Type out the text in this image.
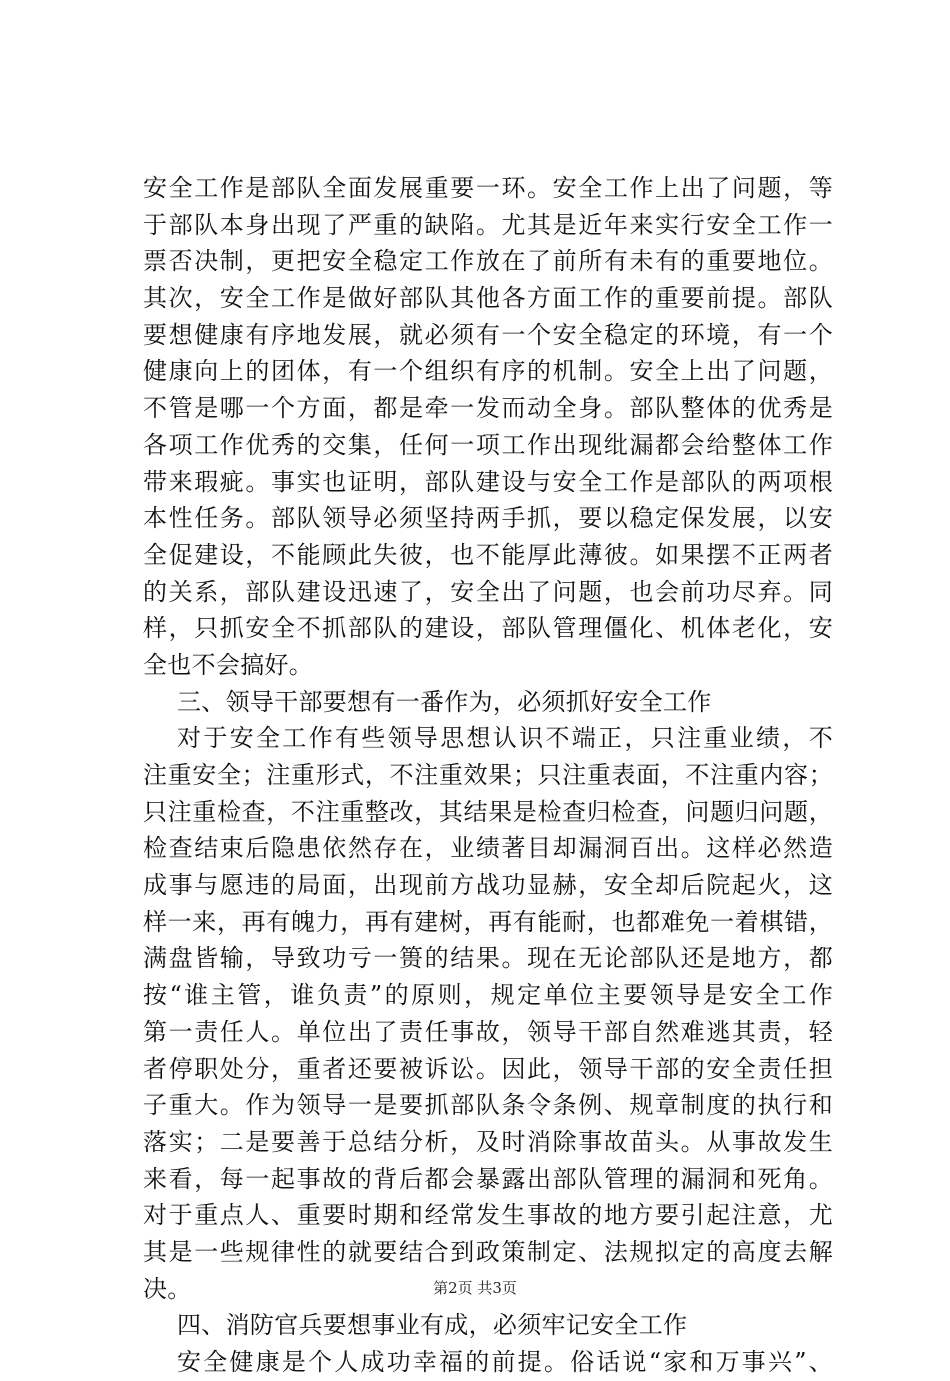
安全工作是部队全面发展重要一环。安全工作上出了问题，等
于部队本身出现了严重的缺陷。尤其是近年来实行安全工作一
票否决制，更把安全稳定工作放在了前所有未有的重要地位。
其次，安全工作是做好部队其他各方面工作的重要前提。部队
要想健康有序地发展，就必须有一个安全稳定的环境，有一个
健康向上的团体，有一个组织有序的机制。安全上出了问题，
不管是哪一个方面，都是牵一发而动全身。部队整体的优秀是
各项工作优秀的交集，任何一项工作出现纰漏都会给整体工作
带来瑕疵。事实也证明，部队建设与安全工作是部队的两项根
本性任务。部队领导必须坚持两手抓，要以稳定保发展，以安
全促建设，不能顾此失彼，也不能厚此薄彼。如果摆不正两者
的关系，部队建设迅速了，安全出了问题，也会前功尽弃。同
样，只抓安全不抓部队的建设，部队管理僵化、机体老化，安
全也不会搞好。
三、领导干部要想有一番作为，必须抓好安全工作
对于安全工作有些领导思想认识不端正，只注重业绩，不
注重安全；注重形式，不注重效果；只注重表面，不注重内容；
只注重检查，不注重整改，其结果是检查归检查，问题归问题，
检查结束后隐患依然存在，业绩著目却漏洞百出。这样必然造
成事与愿违的局面，出现前方战功显赫，安全却后院起火，这
样一来，再有魄力，再有建树，再有能耐，也都难免一着棋错，
满盘皆输，导致功亏一篑的结果。现在无论部队还是地方，都
按“谁主管，谁负责”的原则，规定单位主要领导是安全工作
第一责任人。单位出了责任事故，领导干部自然难逃其责，轻
者停职处分，重者还要被诉讼。因此，领导干部的安全责任担
子重大。作为领导一是要抓部队条令条例、规章制度的执行和
落实；二是要善于总结分析，及时消除事故苗头。从事故发生
来看，每一起事故的背后都会暴露出部队管理的漏洞和死角。
对于重点人、重要时期和经常发生事故的地方要引起注意，尤
其是一些规律性的就要结合到政策制定、法规拟定的高度去解
决。
四、消防官兵要想事业有成，必须牢记安全工作
安全健康是个人成功幸福的前提。俗话说“家和万事兴”、
第2页 共3页
